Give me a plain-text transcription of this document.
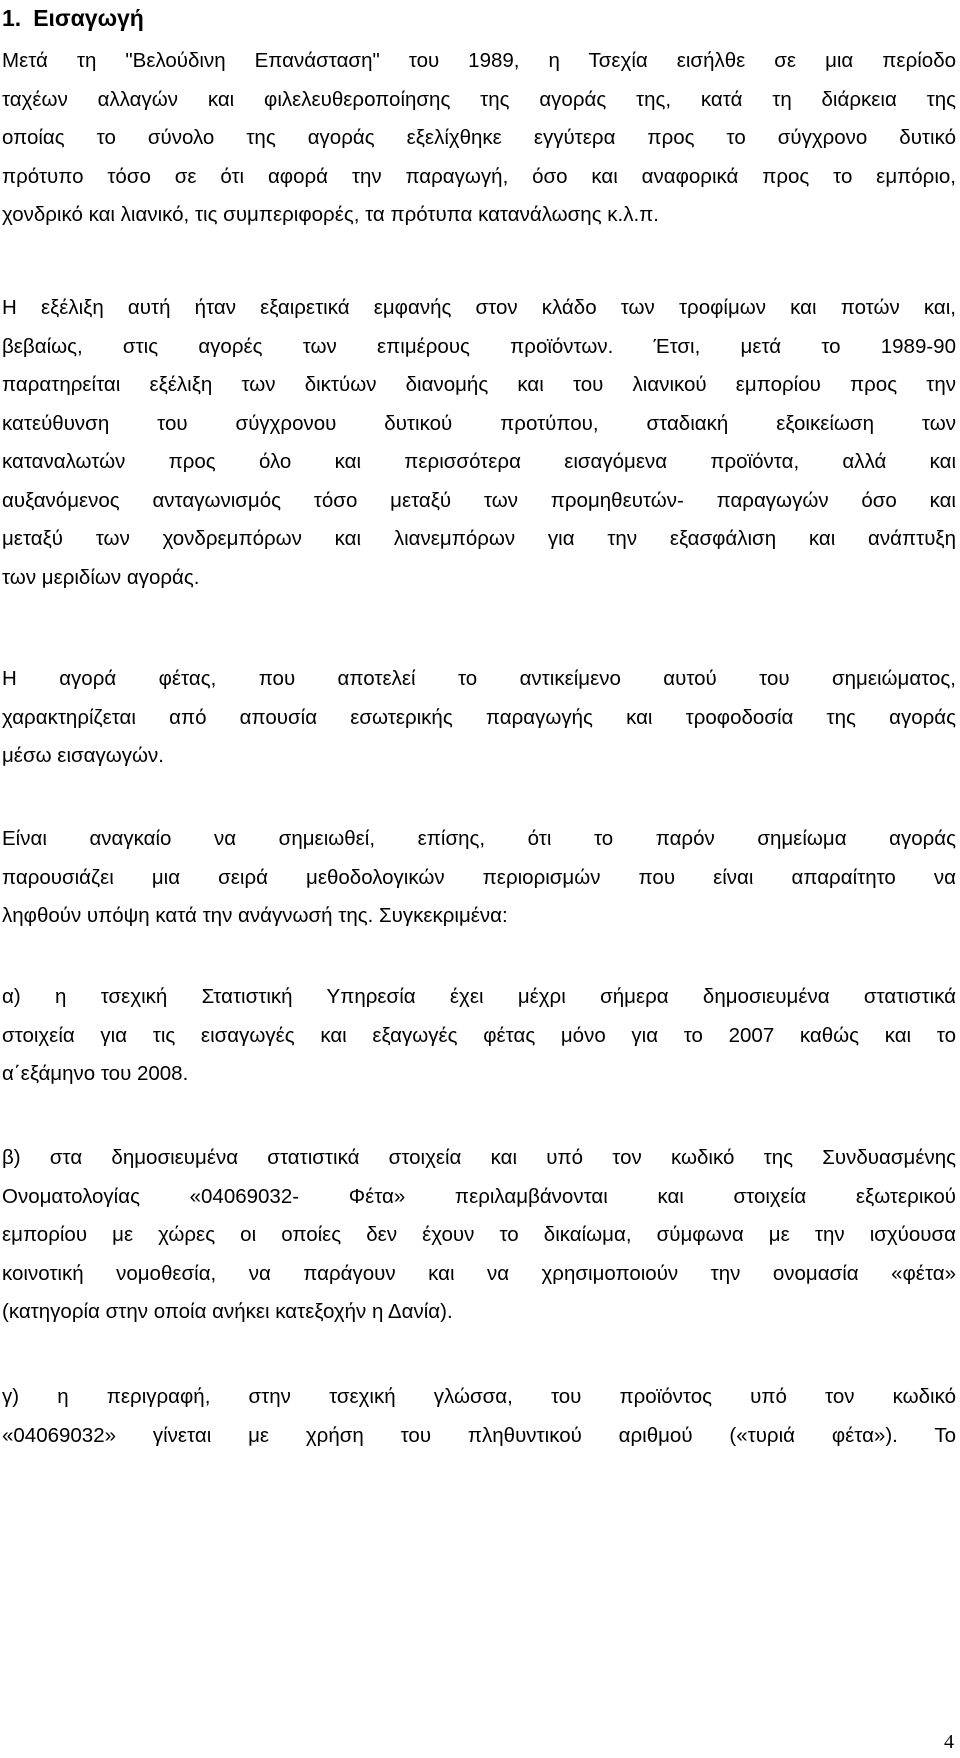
1. Εισαγωγή

Μετά τη "Βελούδινη Επανάσταση" του 1989, η Τσεχία εισήλθε σε μια περίοδο
ταχέων αλλαγών και φιλελευθεροποίησης της αγοράς της, κατά τη διάρκεια της
οποίας το σύνολο της αγοράς εξελίχθηκε εγγύτερα προς το σύγχρονο δυτικό
πρότυπο τόσο σε ότι αφορά την παραγωγή, όσο και αναφορικά προς το εμπόριο,
χονδρικό και λιανικό, τις συμπεριφορές, τα πρότυπα κατανάλωσης κ.λ.π.

Η εξέλιξη αυτή ήταν εξαιρετικά εμφανής στον κλάδο των τροφίμων και ποτών και,
βεβαίως, στις αγορές των επιμέρους προϊόντων. Έτσι, μετά το 1989-90
παρατηρείται εξέλιξη των δικτύων διανομής και του λιανικού εμπορίου προς την
κατεύθυνση του σύγχρονου δυτικού προτύπου, σταδιακή εξοικείωση των
καταναλωτών προς όλο και περισσότερα εισαγόμενα προϊόντα, αλλά και
αυξανόμενος ανταγωνισμός τόσο μεταξύ των προμηθευτών- παραγωγών όσο και
μεταξύ των χονδρεμπόρων και λιανεμπόρων για την εξασφάλιση και ανάπτυξη
των μεριδίων αγοράς.

Η αγορά φέτας, που αποτελεί το αντικείμενο αυτού του σημειώματος,
χαρακτηρίζεται από απουσία εσωτερικής παραγωγής και τροφοδοσία της αγοράς
μέσω εισαγωγών.

Είναι αναγκαίο να σημειωθεί, επίσης, ότι το παρόν σημείωμα αγοράς
παρουσιάζει μια σειρά μεθοδολογικών περιορισμών που είναι απαραίτητο να
ληφθούν υπόψη κατά την ανάγνωσή της. Συγκεκριμένα:

α) η τσεχική Στατιστική Υπηρεσία έχει μέχρι σήμερα δημοσιευμένα στατιστικά
στοιχεία για τις εισαγωγές και εξαγωγές φέτας μόνο για το 2007 καθώς και το
α΄εξάμηνο του 2008.

β) στα δημοσιευμένα στατιστικά στοιχεία και υπό τον κωδικό της Συνδυασμένης
Ονοματολογίας «04069032- Φέτα» περιλαμβάνονται και στοιχεία εξωτερικού
εμπορίου με χώρες οι οποίες δεν έχουν το δικαίωμα, σύμφωνα με την ισχύουσα
κοινοτική νομοθεσία, να παράγουν και να χρησιμοποιούν την ονομασία «φέτα»
(κατηγορία στην οποία ανήκει κατεξοχήν η Δανία).

γ) η περιγραφή, στην τσεχική γλώσσα, του προϊόντος υπό τον κωδικό
«04069032» γίνεται με χρήση του πληθυντικού αριθμού («τυριά φέτα»). Το

4
